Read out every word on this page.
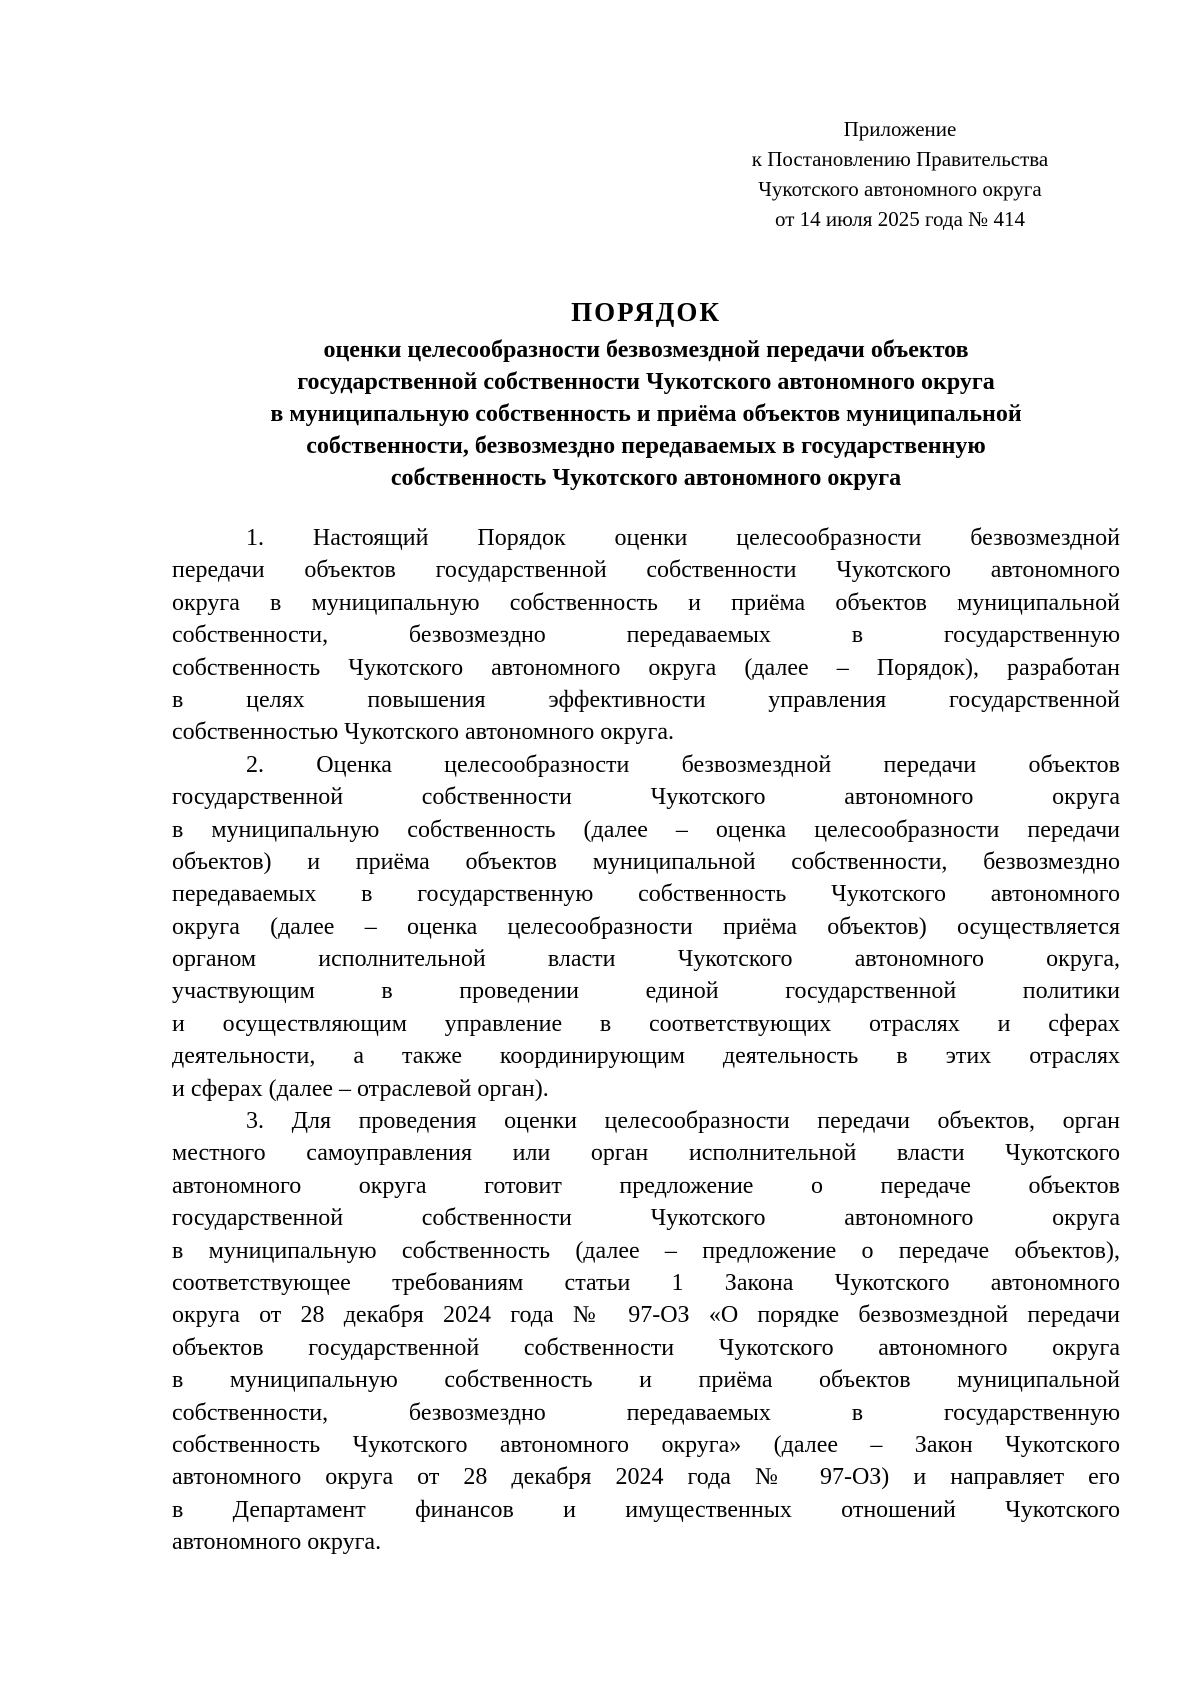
Приложение
к Постановлению Правительства
Чукотского автономного округа
от 14 июля 2025 года № 414
ПОРЯДОК
оценки целесообразности безвозмездной передачи объектов
государственной собственности Чукотского автономного округа
в муниципальную собственность и приёма объектов муниципальной
собственности, безвозмездно передаваемых в государственную
собственность Чукотского автономного округа
1. Настоящий Порядок оценки целесообразности безвозмездной
передачи объектов государственной собственности Чукотского автономного
округа в муниципальную собственность и приёма объектов муниципальной
собственности, безвозмездно передаваемых в государственную
собственность Чукотского автономного округа (далее – Порядок), разработан
в целях повышения эффективности управления государственной
собственностью Чукотского автономного округа.
2. Оценка целесообразности безвозмездной передачи объектов
государственной собственности Чукотского автономного округа
в муниципальную собственность (далее – оценка целесообразности передачи
объектов) и приёма объектов муниципальной собственности, безвозмездно
передаваемых в государственную собственность Чукотского автономного
округа (далее – оценка целесообразности приёма объектов) осуществляется
органом исполнительной власти Чукотского автономного округа,
участвующим в проведении единой государственной политики
и осуществляющим управление в соответствующих отраслях и сферах
деятельности, а также координирующим деятельность в этих отраслях
и сферах (далее – отраслевой орган).
3. Для проведения оценки целесообразности передачи объектов, орган
местного самоуправления или орган исполнительной власти Чукотского
автономного округа готовит предложение о передаче объектов
государственной собственности Чукотского автономного округа
в муниципальную собственность (далее – предложение о передаче объектов),
соответствующее требованиям статьи 1 Закона Чукотского автономного
округа от 28 декабря 2024 года № 97-ОЗ «О порядке безвозмездной передачи
объектов государственной собственности Чукотского автономного округа
в муниципальную собственность и приёма объектов муниципальной
собственности, безвозмездно передаваемых в государственную
собственность Чукотского автономного округа» (далее – Закон Чукотского
автономного округа от 28 декабря 2024 года № 97-ОЗ) и направляет его
в Департамент финансов и имущественных отношений Чукотского
автономного округа.
